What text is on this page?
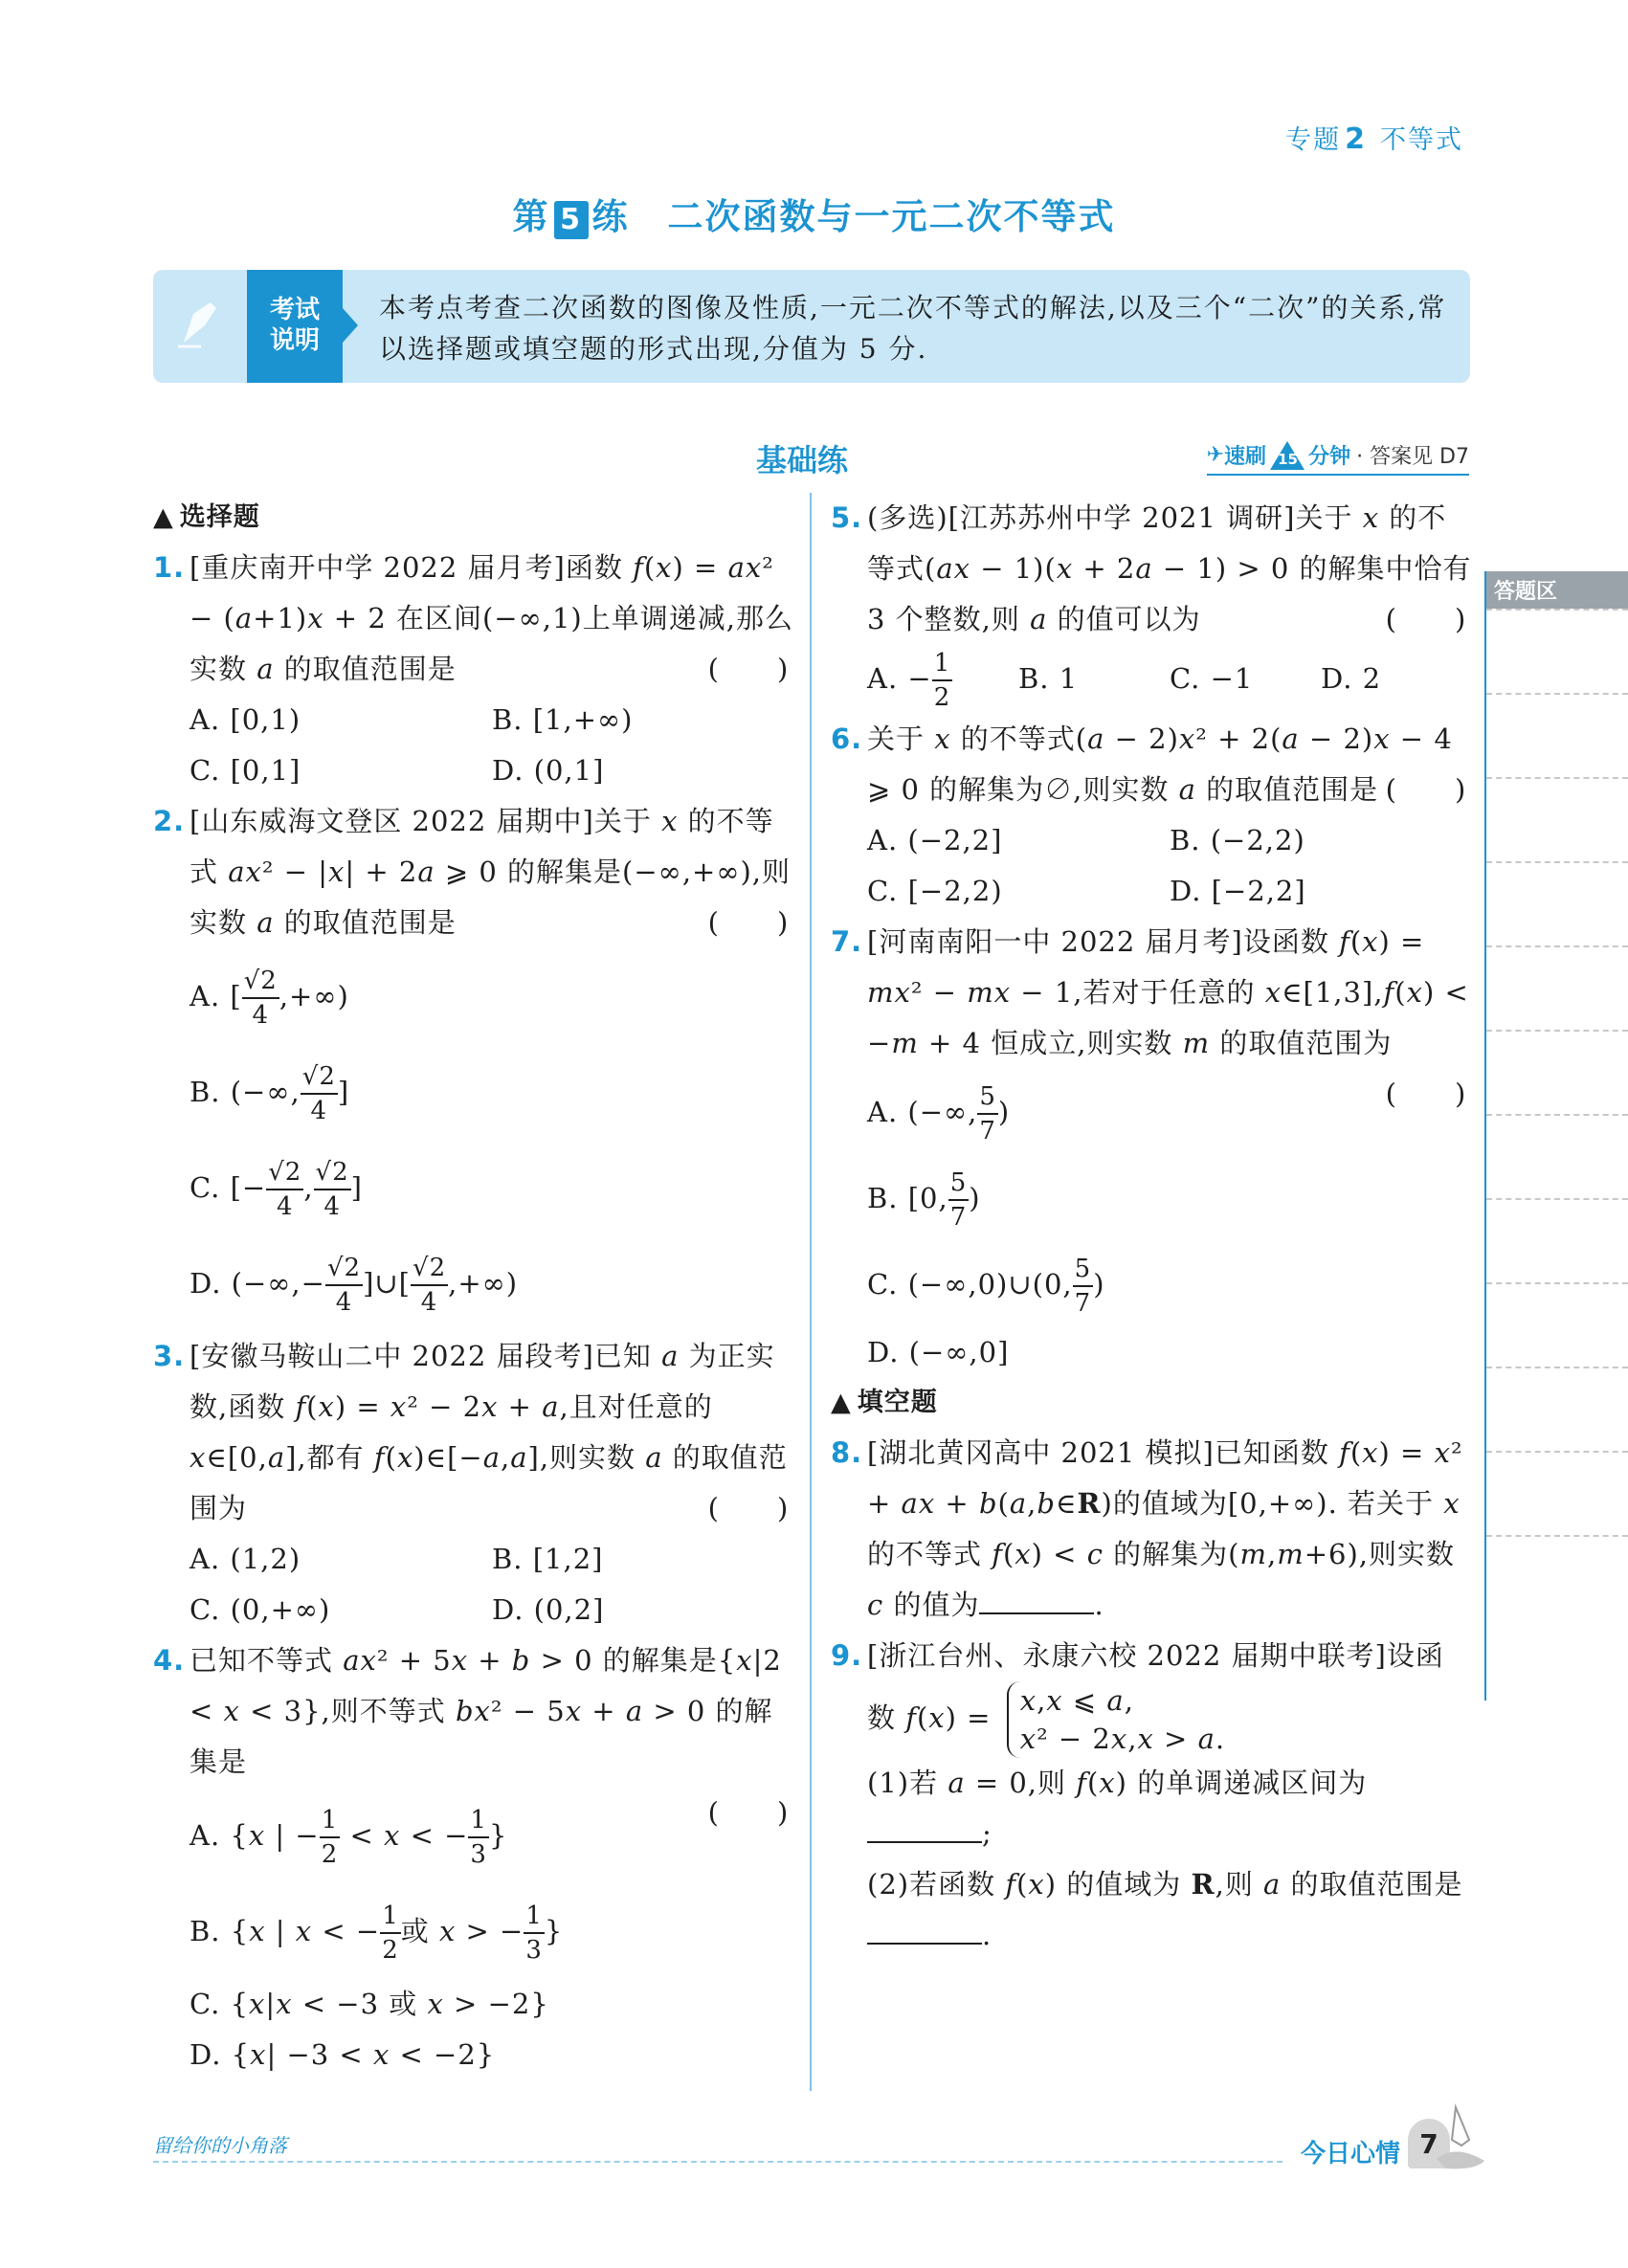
专题 2 不等式
第 5 练 二次函数与一元二次不等式
考试
说明
本考点考查二次函数的图像及性质,一元二次不等式的解法,以及三个“二次”的关系,常以选择题或填空题的形式出现,分值为 5 分.
基础练	✈ 速刷 15 分钟 · 答案见 D7
▲ 选择题
1. [重庆南开中学 2022 届月考]函数 f(x) = ax² − (a+1)x + 2 在区间(−∞,1)上单调递减,那么实数 a 的取值范围是	(　　)
A. [0,1)	B. [1,+∞)
C. [0,1]	D. (0,1]
2. [山东威海文登区 2022 届期中]关于 x 的不等式 ax² − |x| + 2a ⩾ 0 的解集是(−∞,+∞),则实数 a 的取值范围是	(　　)
A. [ $\frac{√2}{4}$ ,+∞)
B. (−∞, $\frac{√2}{4}$ ]
C. [− $\frac{√2}{4}$ , $\frac{√2}{4}$ ]
D. (−∞,− $\frac{√2}{4}$ ]∪[ $\frac{√2}{4}$ ,+∞)
3. [安徽马鞍山二中 2022 届段考]已知 a 为正实数,函数 f(x) = x² − 2x + a,且对任意的 x∈[0,a],都有 f(x)∈[−a,a],则实数 a 的取值范围为	(　　)
A. (1,2)	B. [1,2]
C. (0,+∞)	D. (0,2]
4. 已知不等式 ax² + 5x + b > 0 的解集是{x|2 < x < 3},则不等式 bx² − 5x + a > 0 的解集是

(　　)
A. {x | − $\frac{1}{2} < x$ < − $\frac{1}{3}$ }
B. {x | x < − $\frac{1}{2}$ 或 x > − $\frac{1}{3}$ }
C. {x|x < −3 或 x > −2}
D. {x| −3 < x < −2}
5. (多选)[江苏苏州中学 2021 调研]关于 x 的不等式(ax − 1)(x + 2a − 1) > 0 的解集中恰有 3 个整数,则 a 的值可以为	(　　)
A. − $\frac{1}{2} B$. 1	C. −1	D. 2
6. 关于 x 的不等式(a − 2)x² + 2(a − 2)x − 4 ⩾ 0 的解集为∅,则实数 a 的取值范围是 (　　)
A. (−2,2]	B. (−2,2)
C. [−2,2)	D. [−2,2]
7. [河南南阳一中 2022 届月考]设函数 f(x) = mx² − mx − 1,若对于任意的 x∈[1,3],f(x) < −m + 4 恒成立,则实数 m 的取值范围为

(　　)
A. (−∞, $\frac{5}{7}$ )
B. [0, $\frac{5}{7}$ )
C. (−∞,0)∪(0, $\frac{5}{7}$ )
D. (−∞,0]
▲ 填空题
8. [湖北黄冈高中 2021 模拟]已知函数 f(x) = x² + ax + b(a,b∈R)的值域为[0,+∞). 若关于 x 的不等式 f(x) < c 的解集为(m,m+6),则实数 c 的值为	.
9. [浙江台州、永康六校 2022 届期中联考]设函数 f(x) = x,x ⩽ a,
x² − 2x,x > a.
(1)若 a = 0,则 f(x) 的单调递减区间为
;
(2)若函数 f(x) 的值域为 R,则 a 的取值范围是.
答题区
留给你的小角落	今日心情 7
